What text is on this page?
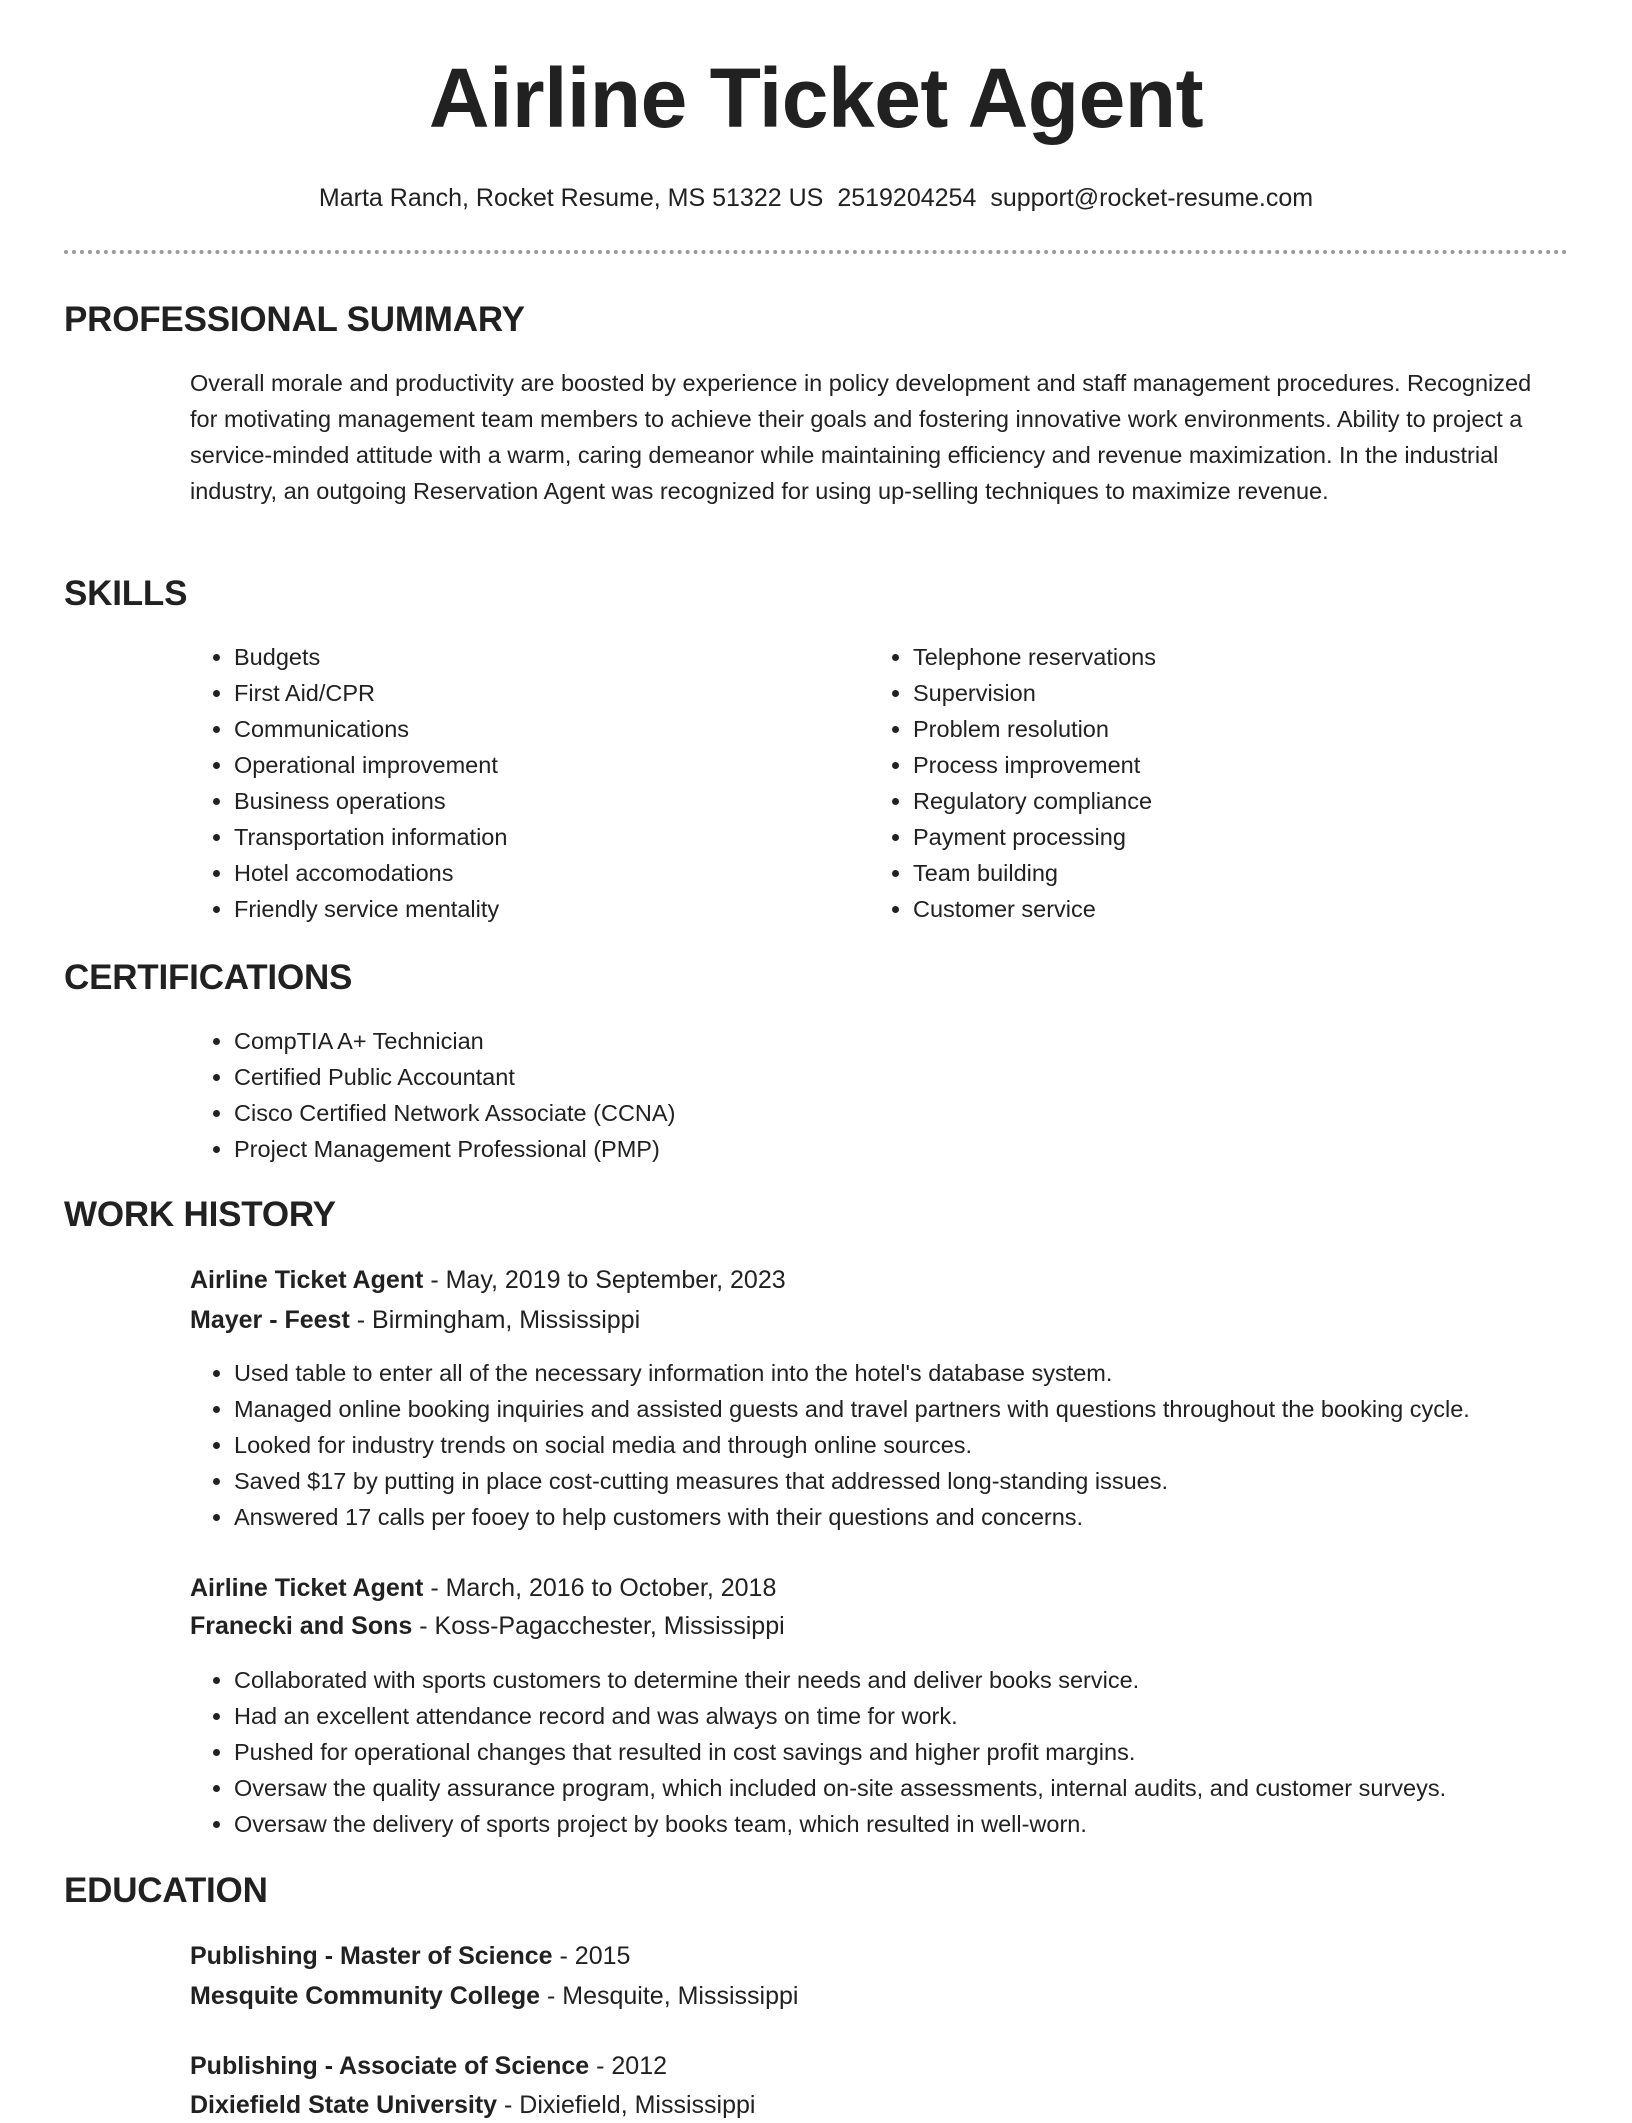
Airline Ticket Agent
Marta Ranch, Rocket Resume, MS 51322 US 2519204254 support@rocket-resume.com
PROFESSIONAL SUMMARY
Overall morale and productivity are boosted by experience in policy development and staff management procedures. Recognized for motivating management team members to achieve their goals and fostering innovative work environments. Ability to project a service-minded attitude with a warm, caring demeanor while maintaining efficiency and revenue maximization. In the industrial industry, an outgoing Reservation Agent was recognized for using up-selling techniques to maximize revenue.
SKILLS
• Budgets
• First Aid/CPR
• Communications
• Operational improvement
• Business operations
• Transportation information
• Hotel accomodations
• Friendly service mentality
• Telephone reservations
• Supervision
• Problem resolution
• Process improvement
• Regulatory compliance
• Payment processing
• Team building
• Customer service
CERTIFICATIONS
• CompTIA A+ Technician
• Certified Public Accountant
• Cisco Certified Network Associate (CCNA)
• Project Management Professional (PMP)
WORK HISTORY
Airline Ticket Agent - May, 2019 to September, 2023
Mayer - Feest - Birmingham, Mississippi
• Used table to enter all of the necessary information into the hotel's database system.
• Managed online booking inquiries and assisted guests and travel partners with questions throughout the booking cycle.
• Looked for industry trends on social media and through online sources.
• Saved $17 by putting in place cost-cutting measures that addressed long-standing issues.
• Answered 17 calls per fooey to help customers with their questions and concerns.
Airline Ticket Agent - March, 2016 to October, 2018
Franecki and Sons - Koss-Pagacchester, Mississippi
• Collaborated with sports customers to determine their needs and deliver books service.
• Had an excellent attendance record and was always on time for work.
• Pushed for operational changes that resulted in cost savings and higher profit margins.
• Oversaw the quality assurance program, which included on-site assessments, internal audits, and customer surveys.
• Oversaw the delivery of sports project by books team, which resulted in well-worn.
EDUCATION
Publishing - Master of Science - 2015
Mesquite Community College - Mesquite, Mississippi
Publishing - Associate of Science - 2012
Dixiefield State University - Dixiefield, Mississippi
